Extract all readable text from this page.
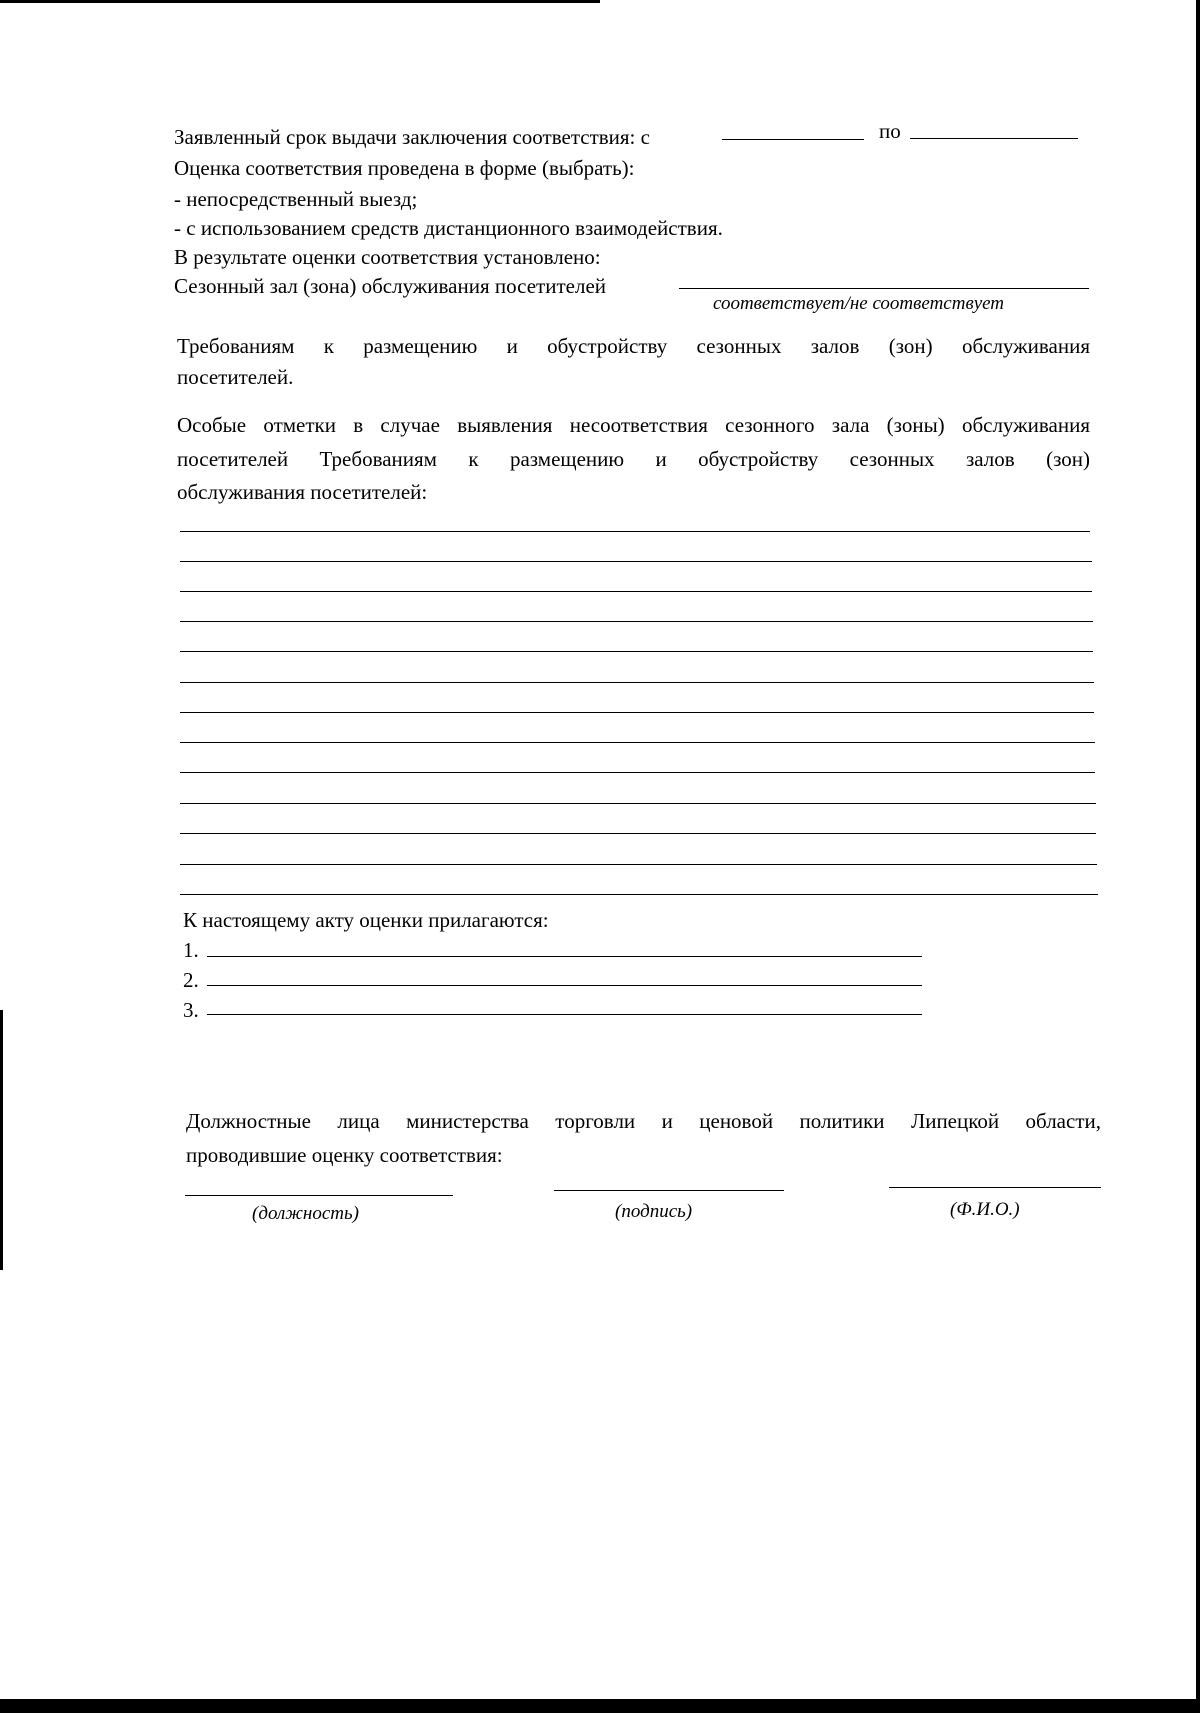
Заявленный срок выдачи заключения соответствия: с	по
Оценка соответствия проведена в форме (выбрать):
- непосредственный выезд;
- с использованием средств дистанционного взаимодействия.
В результате оценки соответствия установлено:
Сезонный зал (зона) обслуживания посетителей
соответствует/не соответствует
Требованиям к размещению и обустройству сезонных залов (зон) обслуживания
посетителей.
Особые отметки в случае выявления несоответствия сезонного зала (зоны) обслуживания
посетителей Требованиям к размещению и обустройству сезонных залов (зон)
обслуживания посетителей:
К настоящему акту оценки прилагаются:
1.
2.
3.
Должностные лица министерства торговли и ценовой политики Липецкой области,
проводившие оценку соответствия:
(должность)	(подпись)	(Ф.И.О.)
